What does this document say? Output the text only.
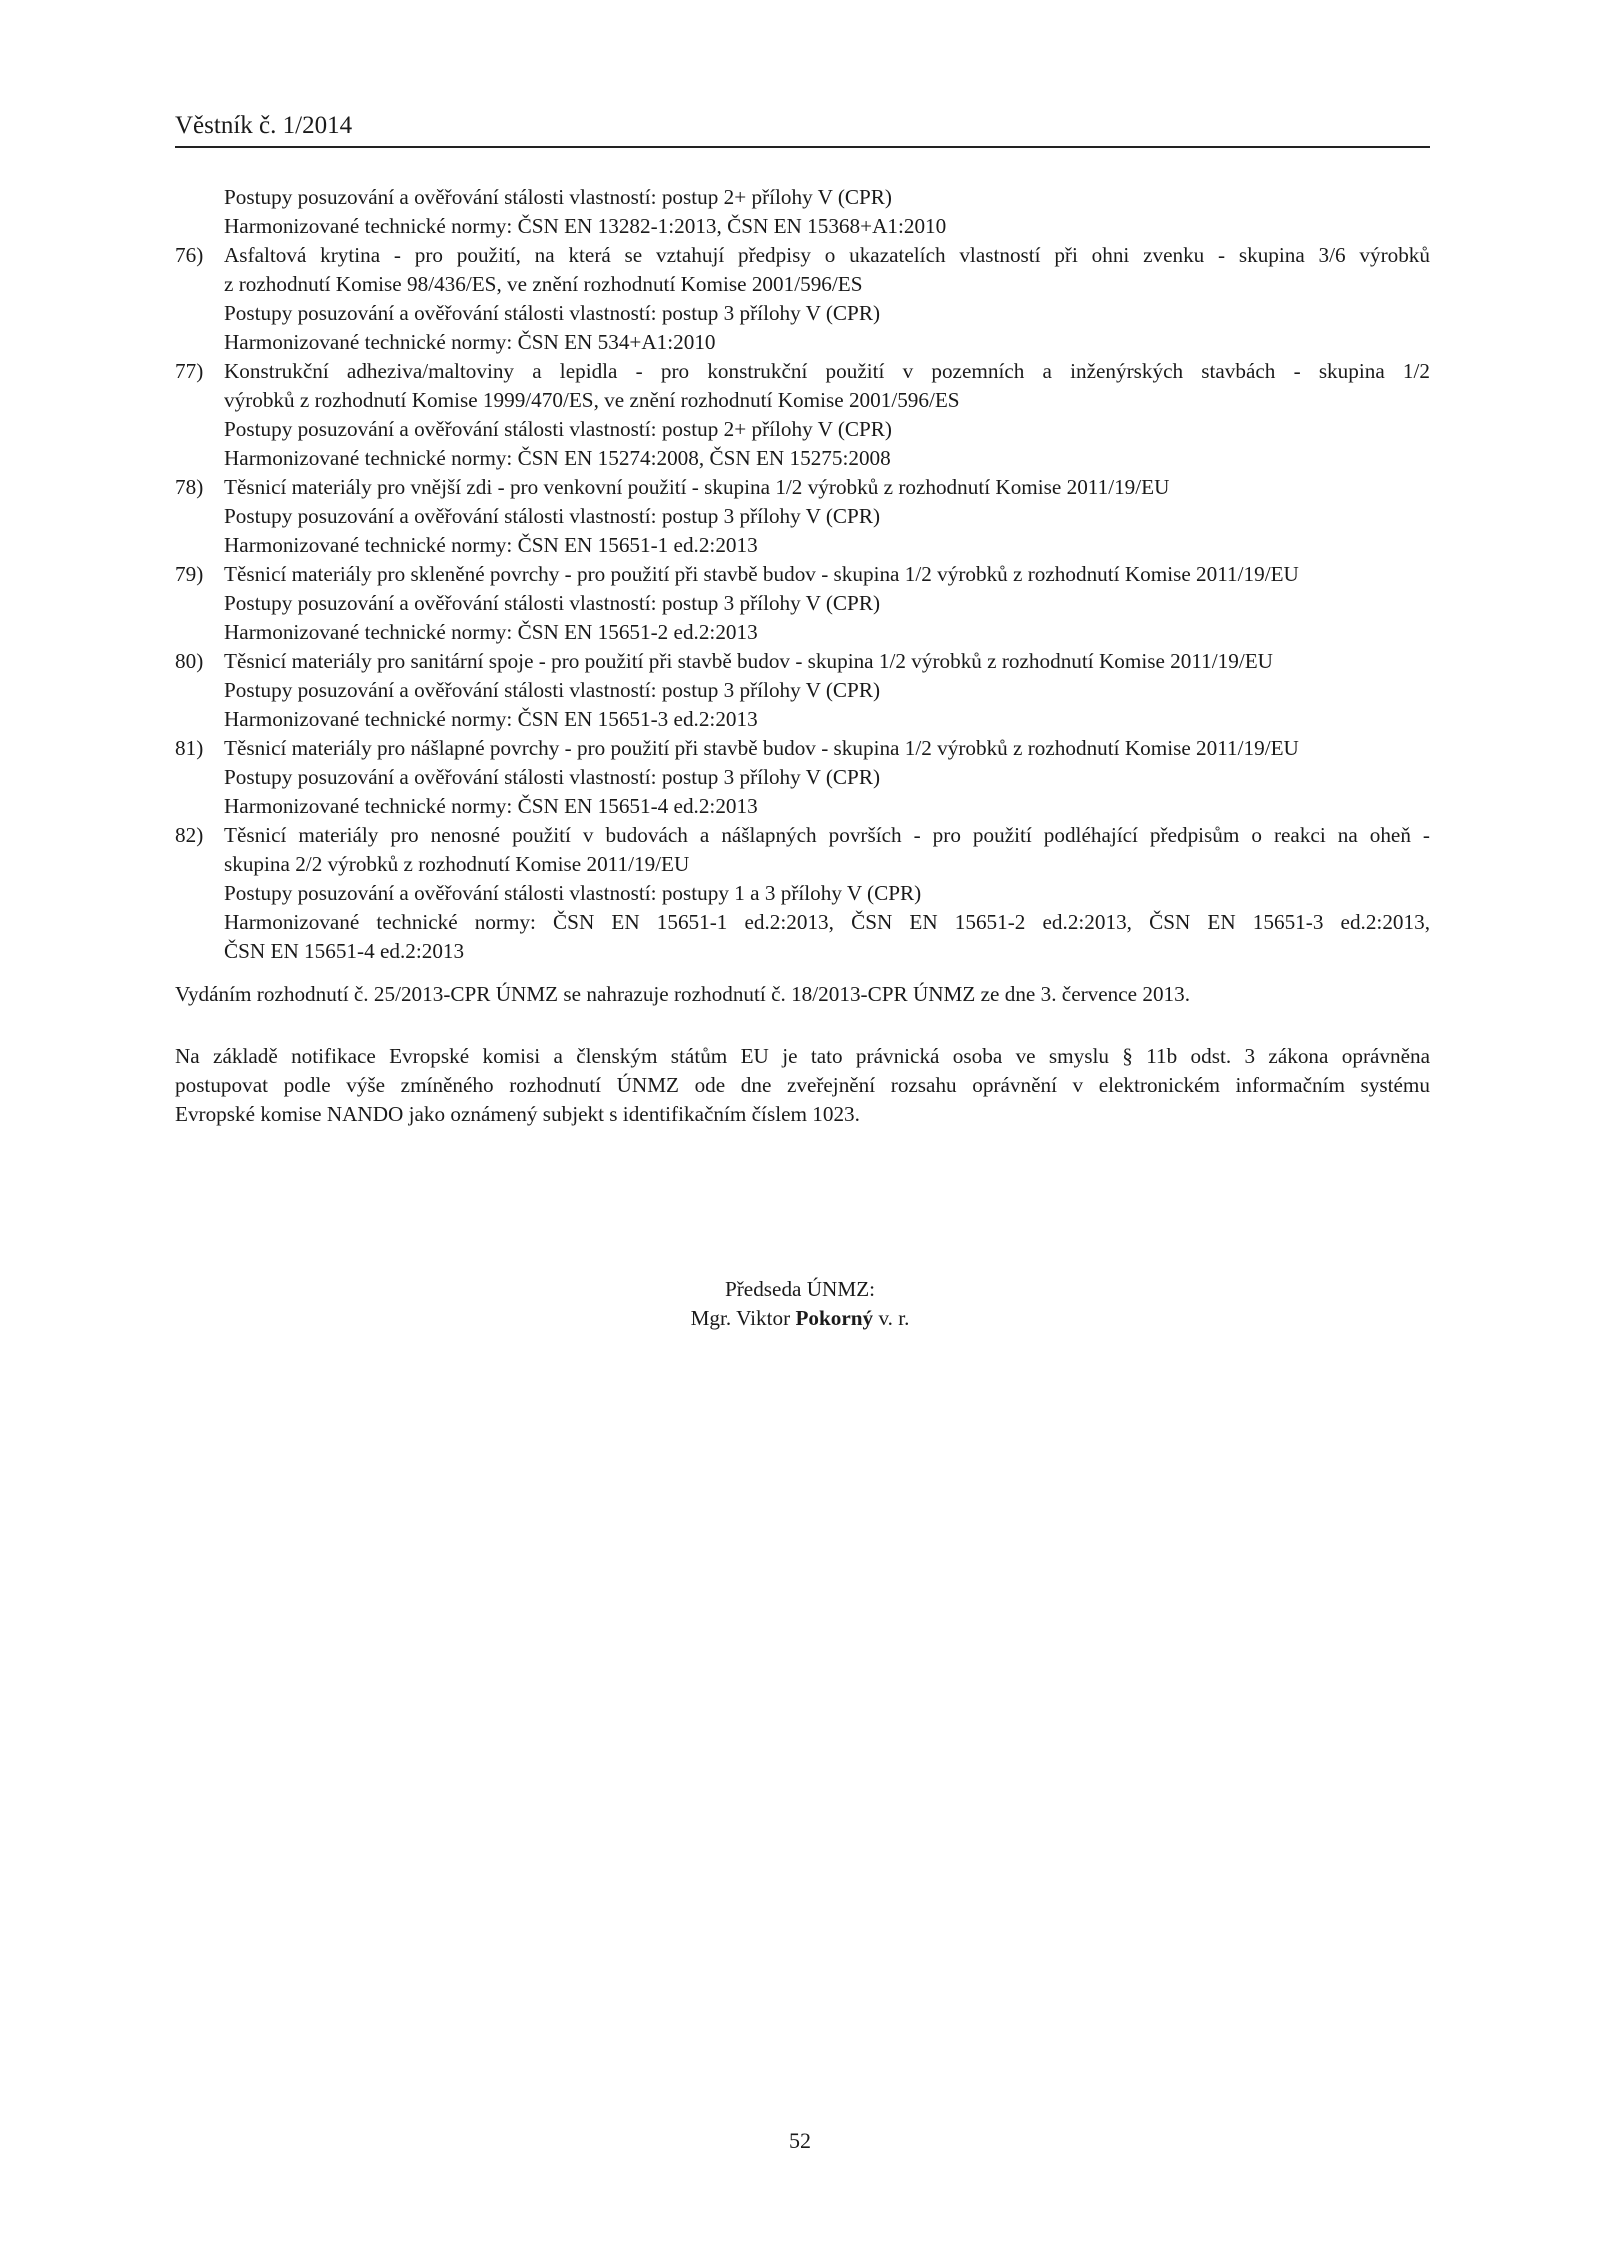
Věstník č. 1/2014
Postupy posuzování a ověřování stálosti vlastností: postup 2+ přílohy V (CPR)
Harmonizované technické normy: ČSN EN 13282-1:2013, ČSN EN 15368+A1:2010
76) Asfaltová krytina - pro použití, na která se vztahují předpisy o ukazatelích vlastností při ohni zvenku - skupina 3/6 výrobků
z rozhodnutí Komise 98/436/ES, ve znění rozhodnutí Komise 2001/596/ES
Postupy posuzování a ověřování stálosti vlastností: postup 3 přílohy V (CPR)
Harmonizované technické normy: ČSN EN 534+A1:2010
77) Konstrukční adheziva/maltoviny a lepidla - pro konstrukční použití v pozemních a inženýrských stavbách - skupina 1/2
výrobků z rozhodnutí Komise 1999/470/ES, ve znění rozhodnutí Komise 2001/596/ES
Postupy posuzování a ověřování stálosti vlastností: postup 2+ přílohy V (CPR)
Harmonizované technické normy: ČSN EN 15274:2008, ČSN EN 15275:2008
78) Těsnicí materiály pro vnější zdi - pro venkovní použití - skupina 1/2 výrobků z rozhodnutí Komise 2011/19/EU
Postupy posuzování a ověřování stálosti vlastností: postup 3 přílohy V (CPR)
Harmonizované technické normy: ČSN EN 15651-1 ed.2:2013
79) Těsnicí materiály pro skleněné povrchy - pro použití při stavbě budov - skupina 1/2 výrobků z rozhodnutí Komise 2011/19/EU
Postupy posuzování a ověřování stálosti vlastností: postup 3 přílohy V (CPR)
Harmonizované technické normy: ČSN EN 15651-2 ed.2:2013
80) Těsnicí materiály pro sanitární spoje - pro použití při stavbě budov - skupina 1/2 výrobků z rozhodnutí Komise 2011/19/EU
Postupy posuzování a ověřování stálosti vlastností: postup 3 přílohy V (CPR)
Harmonizované technické normy: ČSN EN 15651-3 ed.2:2013
81) Těsnicí materiály pro nášlapné povrchy - pro použití při stavbě budov - skupina 1/2 výrobků z rozhodnutí Komise 2011/19/EU
Postupy posuzování a ověřování stálosti vlastností: postup 3 přílohy V (CPR)
Harmonizované technické normy: ČSN EN 15651-4 ed.2:2013
82) Těsnicí materiály pro nenosné použití v budovách a nášlapných površích - pro použití podléhající předpisům o reakci na oheň -
skupina 2/2 výrobků z rozhodnutí Komise 2011/19/EU
Postupy posuzování a ověřování stálosti vlastností: postupy 1 a 3 přílohy V (CPR)
Harmonizované technické normy: ČSN EN 15651-1 ed.2:2013, ČSN EN 15651-2 ed.2:2013, ČSN EN 15651-3 ed.2:2013,
ČSN EN 15651-4 ed.2:2013
Vydáním rozhodnutí č. 25/2013-CPR ÚNMZ se nahrazuje rozhodnutí č. 18/2013-CPR ÚNMZ ze dne 3. července 2013.
Na základě notifikace Evropské komisi a členským státům EU je tato právnická osoba ve smyslu § 11b odst. 3 zákona oprávněna
postupovat podle výše zmíněného rozhodnutí ÚNMZ ode dne zveřejnění rozsahu oprávnění v elektronickém informačním systému
Evropské komise NANDO jako oznámený subjekt s identifikačním číslem 1023.
Předseda ÚNMZ:
Mgr. Viktor Pokorný v. r.
52
